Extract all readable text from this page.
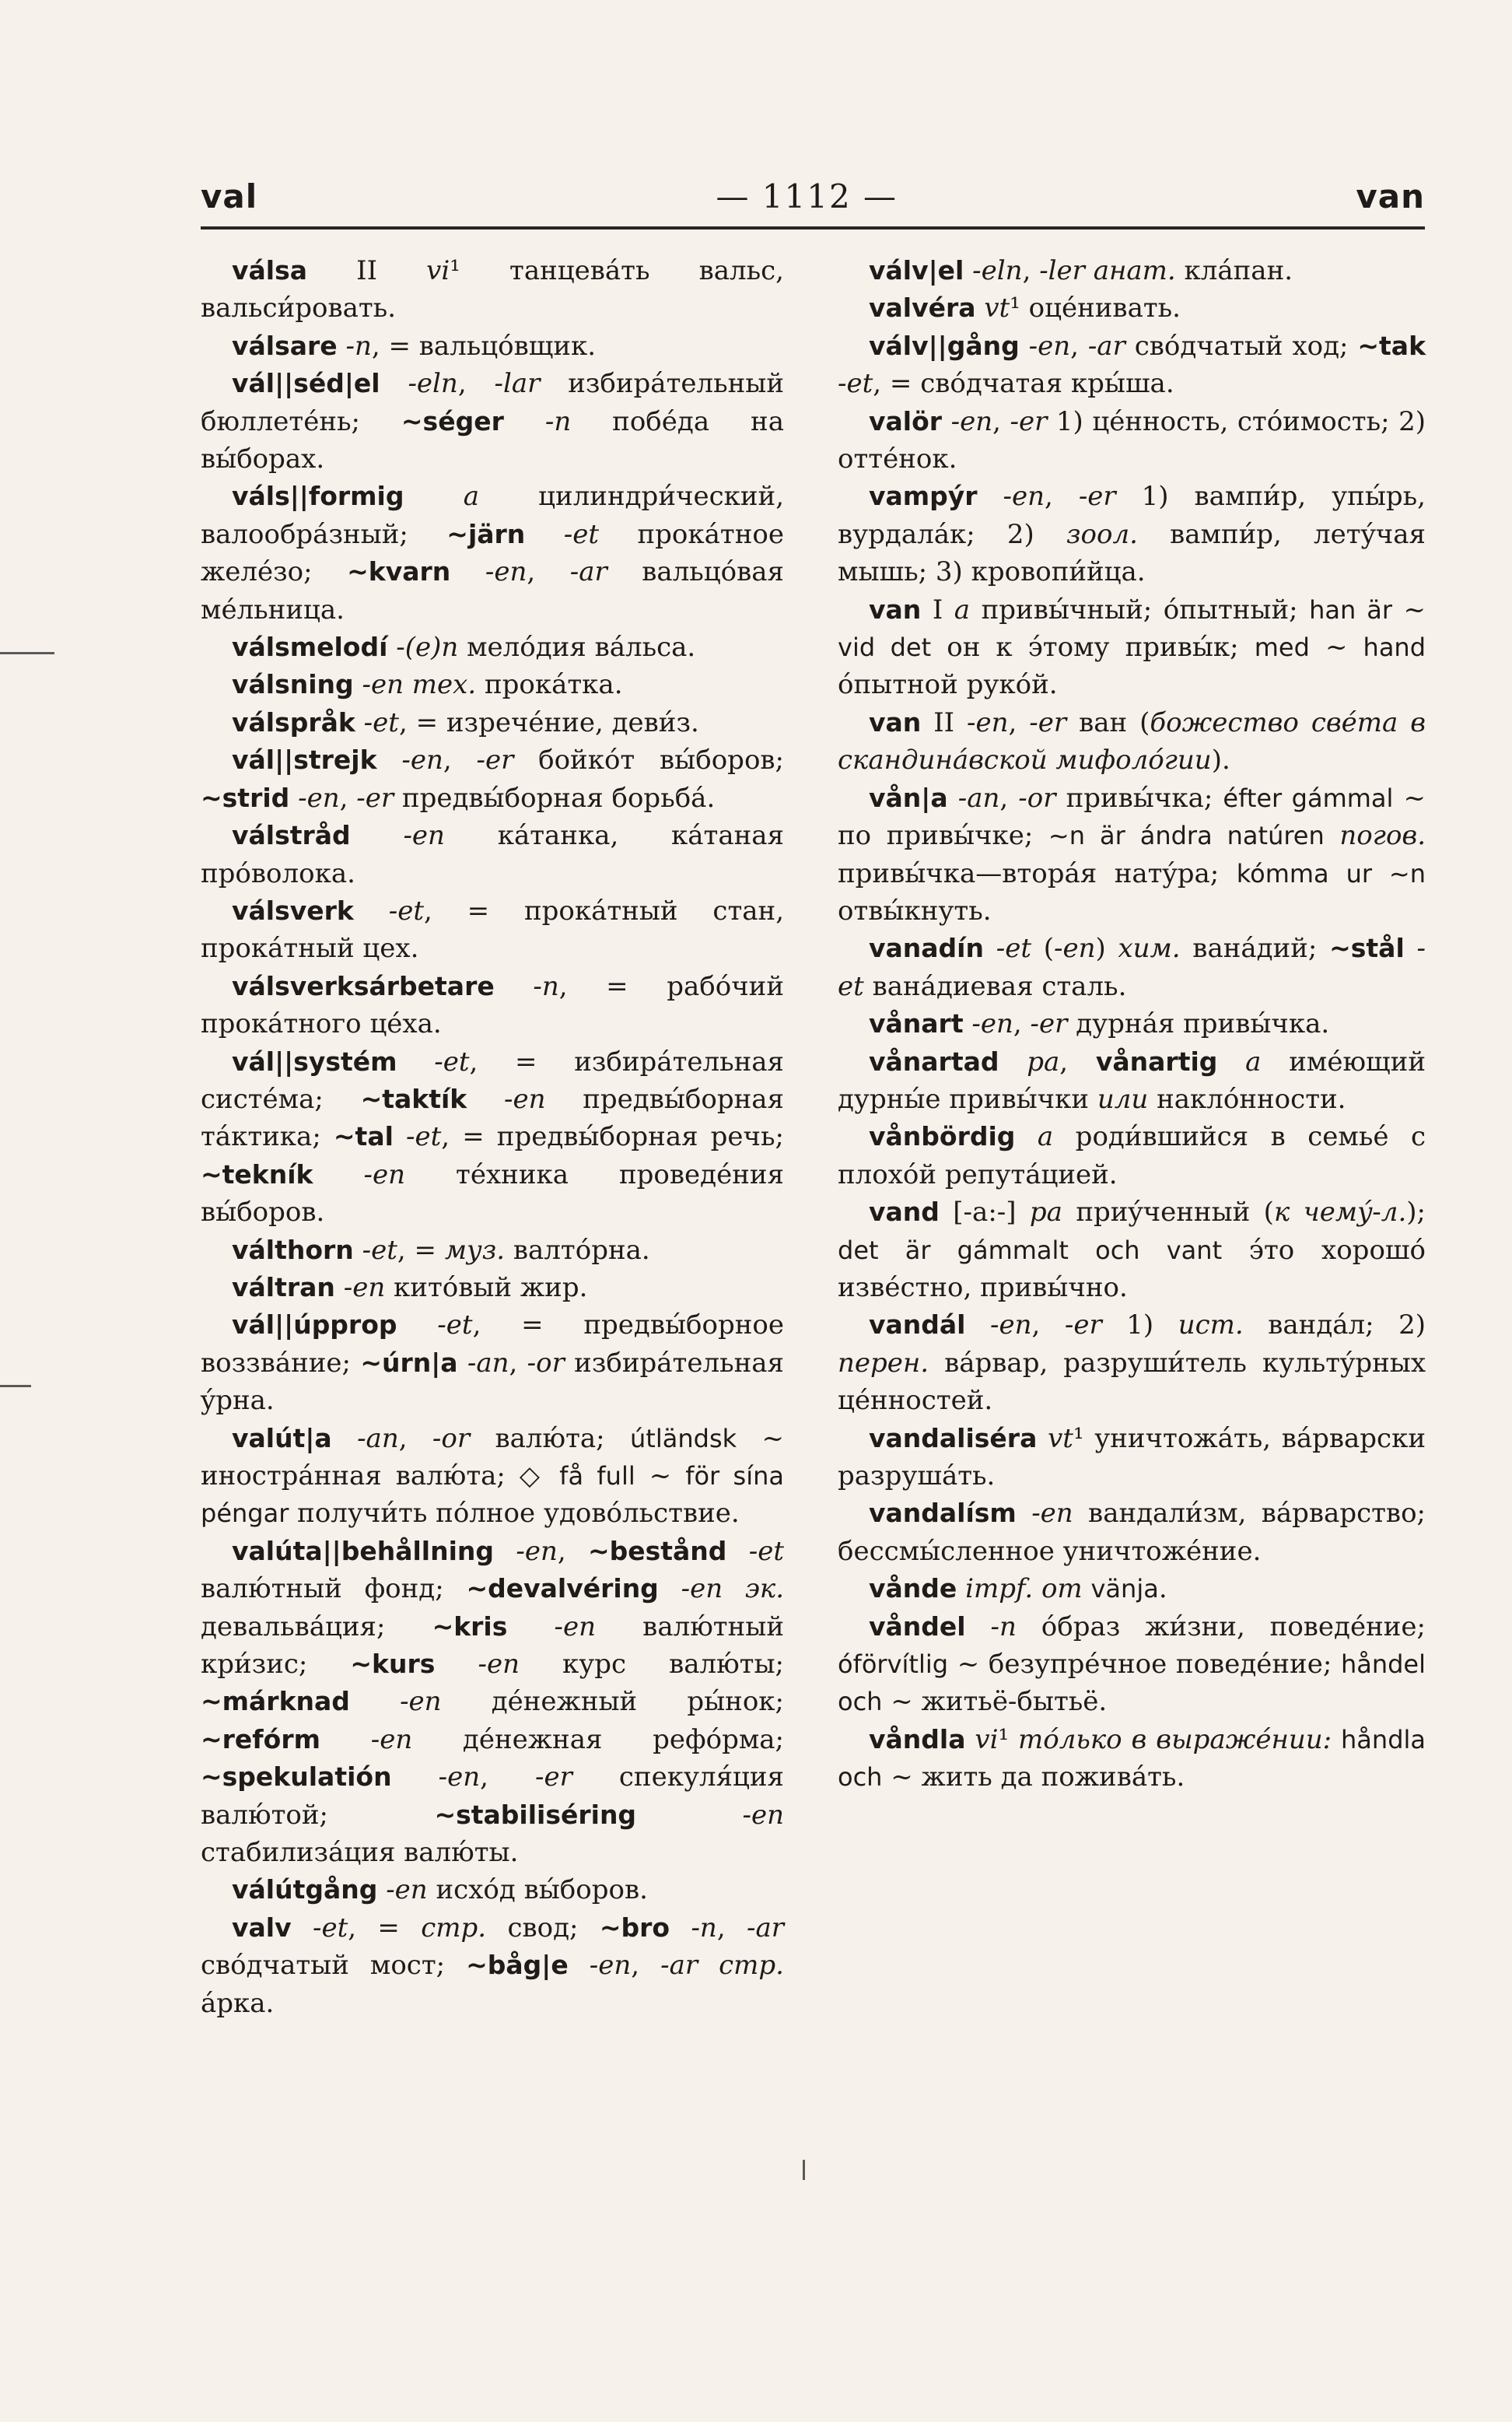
val	— 1112 —	van

válsa II vi¹ танцевáть вальс, вальси́ровать.

válsare -n, = вальцóвщик.

vál||séd|el -eln, -lar избирáтельный бюллетéнь; ~séger -n побéда на вы́борах.

váls||formig a цилиндри́ческий, валообрáзный; ~järn -et прокáтное желéзо; ~kvarn -en, -ar вальцóвая мéльница.

válsmelodí -(e)n мелóдия вáльса.

válsning -en тех. прокáтка.

válspråk -et, = изречéние, деви́з.

vál||strejk -en, -er бойкóт вы́боров; ~strid -en, -er предвы́борная борьбá.

válstråd -en кáтанка, кáтаная прóволока.

válsverk -et, = прокáтный стан, прокáтный цех.

válsverksárbetare -n, = рабóчий прокáтного цéха.

vál||systém -et, = избирáтельная систéма; ~taktík -en предвы́борная тáктика; ~tal -et, = предвы́борная речь; ~tekník -en тéхника проведéния вы́боров.

válthorn -et, = муз. валтóрна.

váltran -en китóвый жир.

vál||úpprop -et, = предвы́борное воззвáние; ~úrn|a -an, -or избирáтельная ýрна.

valút|a -an, -or валю́та; útländsk ~ инострáнная валю́та; ◇ få full ~ för sína péngar получи́ть пóлное удовóльствие.

valúta||behållning -en, ~bestånd -et валю́тный фонд; ~devalvéring -en эк. девальвáция; ~kris -en валю́тный кри́зис; ~kurs -en курс валю́ты; ~márknad -en дéнежный ры́нок; ~refórm -en дéнежная рефóрма; ~spekulatión -en, -er спекуля́ция валю́той; ~stabiliséring	-en стабилизáция валю́ты.

válútgång -en исхóд вы́боров.

valv -et, = стр. свод; ~bro -n, -ar свóдчатый мост; ~båg|e -en, -ar стр. áрка.

válv|el -eln, -ler анат. клáпан.

valvéra vt¹ оцéнивать.

válv||gång -en, -ar свóдчатый ход; ~tak -et, = свóдчатая кры́ша.

valör -en, -er 1) цéнность, стóимость; 2) оттéнок.

vampýr -en, -er 1) вампи́р, упы́рь, вурдалáк; 2) зоол. вампи́р, летýчая мышь; 3) кровопи́йца.

van I a привы́чный; óпытный; han är ~ vid det он к э́тому привы́к; med ~ hand óпытной рукóй.

van II -en, -er ван (божество свéта в скандинáвской мифолóгии).

vån|a -an, -or привы́чка; éfter gámmal ~ по привы́чке; ~n är ándra natúren погов. привы́чка—вторáя натýра; kómma ur ~n отвы́кнуть.

vanadín -et (-en) хим. ванáдий; ~stål -et ванáдиевая сталь.

vånart -en, -er дурнáя привы́чка.

vånartad pa, vånartig a имéющий дурны́е привы́чки или наклóнности.

vånbördig a роди́вшийся в семьé с плохóй репутáцией.

vand [-a:-] pa приýченный (к чемý-л.); det är gámmalt och vant э́то хорошó извéстно, привы́чно.

vandál -en, -er 1) ист. вандáл; 2) перен. вáрвар, разруши́тель культýрных цéнностей.

vandaliséra vt¹ уничтожáть, вáрварски разрушáть.

vandalísm -en вандали́зм, вáрварство; бессмы́сленное уничтожéние.

vånde impf. от vänja.

våndel -n óбраз жи́зни, поведéние; óförvítlig ~ безупрéчное поведéние; håndel och ~ житьё-бытьё.

våndla vi¹ тóлько в выражéнии: håndla och ~ жить да поживáть.
